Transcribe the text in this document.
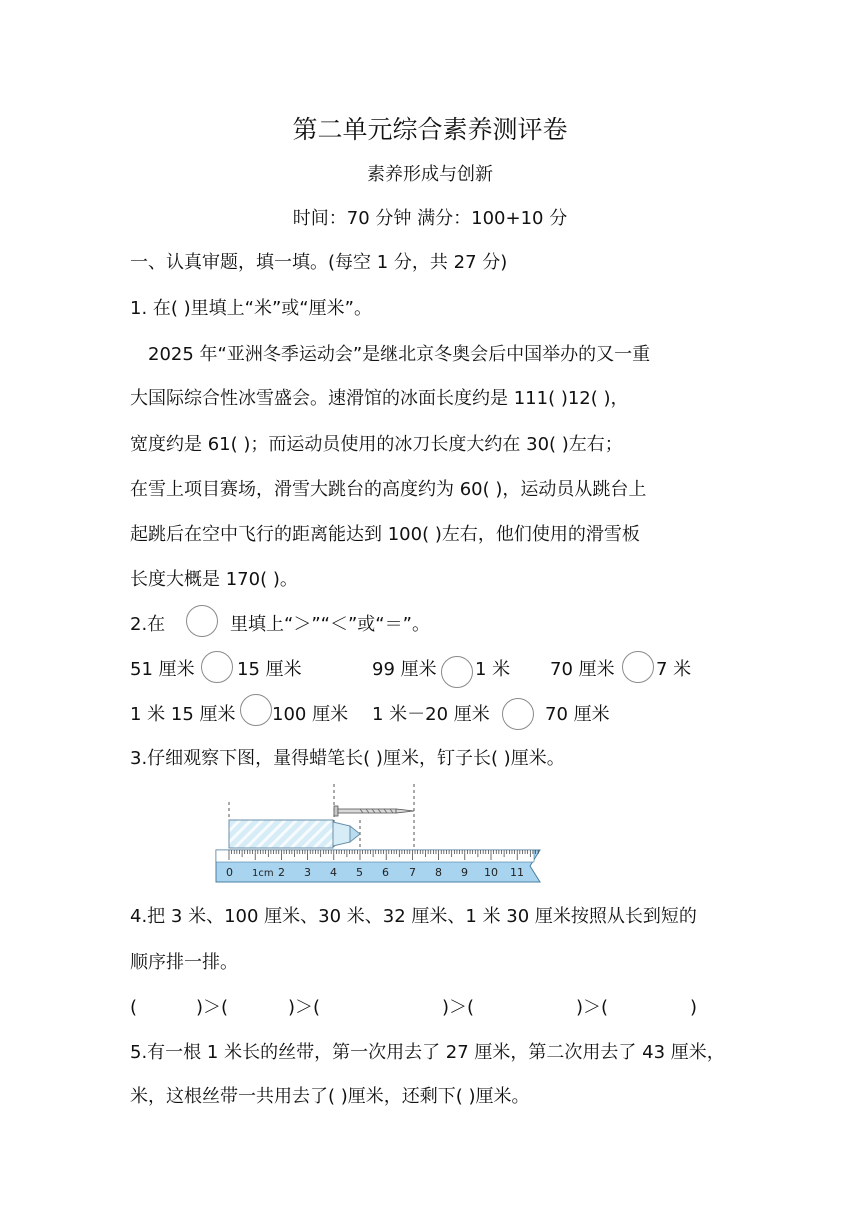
第二单元综合素养测评卷
素养形成与创新
时间：70 分钟 满分：100+10 分
一、认真审题，填一填。(每空 1 分，共 27 分)
1. 在( )里填上“米”或“厘米”。
2025 年“亚洲冬季运动会”是继北京冬奥会后中国举办的又一重
大国际综合性冰雪盛会。速滑馆的冰面长度约是 111( )12( )，
宽度约是 61( )；而运动员使用的冰刀长度大约在 30( )左右；
在雪上项目赛场，滑雪大跳台的高度约为 60( )，运动员从跳台上
起跳后在空中飞行的距离能达到 100( )左右，他们使用的滑雪板
长度大概是 170( )。
2.在	里填上“＞”“＜”或“＝”。
51 厘米 15 厘米	99 厘米 1 米 70 厘米 7 米
1 米 15 厘米 100 厘米 1 米－20 厘米	70 厘米
3.仔细观察下图，量得蜡笔长( )厘米，钉子长( )厘米。
0 1cm 2 3 4 5 6 7 8 9 10 11
4.把 3 米、100 厘米、30 米、32 厘米、1 米 30 厘米按照从长到短的
顺序排一排。
(	)＞(	)＞(	)＞(	)＞(	)
5.有一根 1 米长的丝带，第一次用去了 27 厘米，第二次用去了 43 厘米，
米，这根丝带一共用去了( )厘米，还剩下( )厘米。
